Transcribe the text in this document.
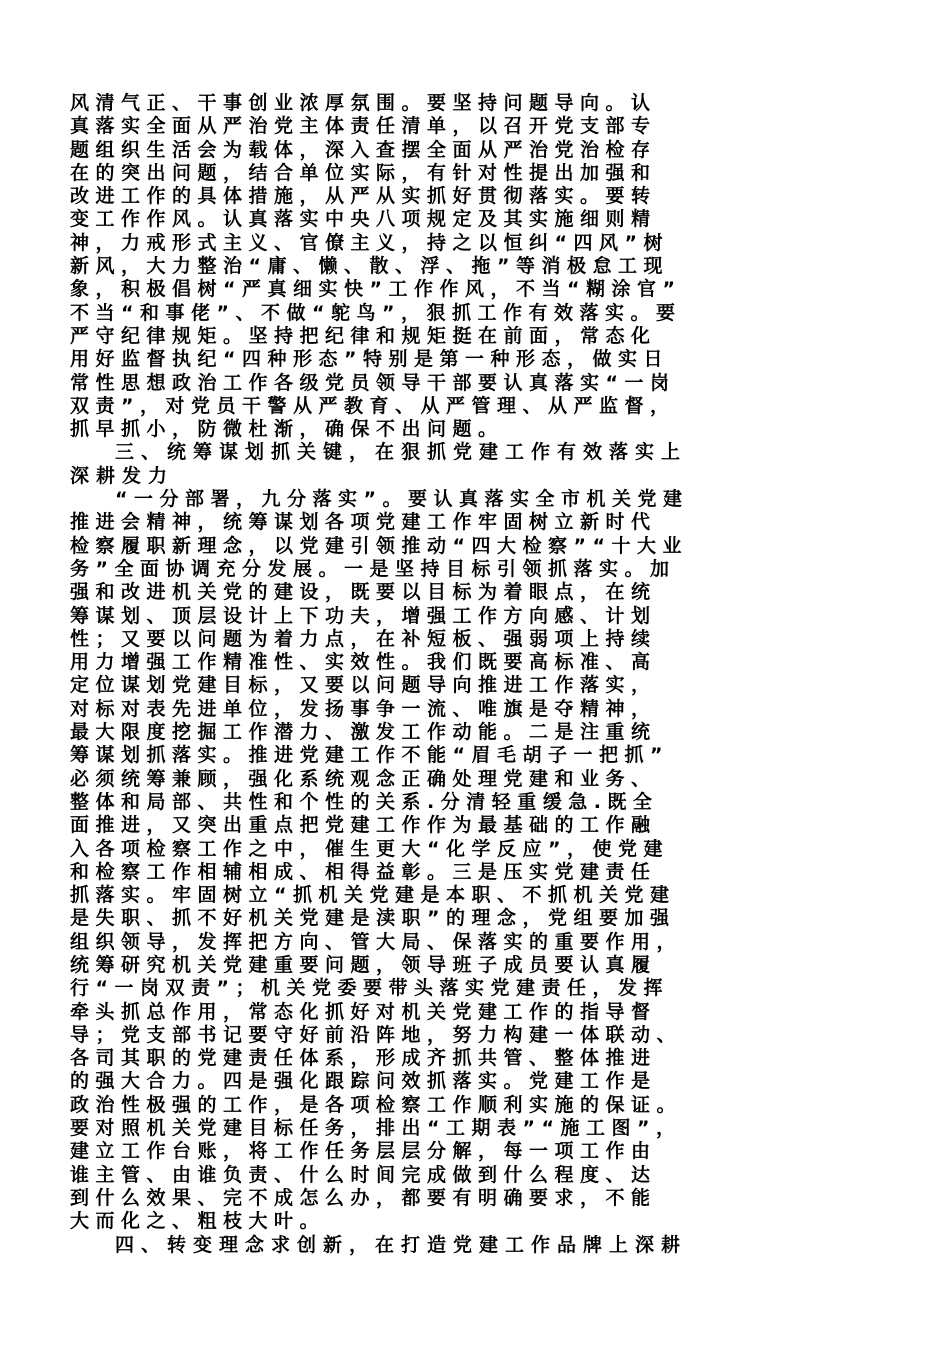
风清气正、干事创业浓厚氛围。要坚持问题导向。认
真落实全面从严治党主体责任清单，以召开党支部专
题组织生活会为载体，深入查摆全面从严治党治检存
在的突出问题，结合单位实际，有针对性提出加强和
改进工作的具体措施，从严从实抓好贯彻落实。要转
变工作作风。认真落实中央八项规定及其实施细则精
神，力戒形式主义、官僚主义，持之以恒纠“四风”树
新风，大力整治“庸、懒、散、浮、拖”等消极怠工现
象，积极倡树“严真细实快”工作作风，不当“糊涂官”
不当“和事佬”、不做“鸵鸟”，狠抓工作有效落实。要
严守纪律规矩。坚持把纪律和规矩挺在前面，常态化
用好监督执纪“四种形态”特别是第一种形态，做实日
常性思想政治工作各级党员领导干部要认真落实“一岗
双责”，对党员干警从严教育、从严管理、从严监督，
抓早抓小，防微杜渐，确保不出问题。
三、统筹谋划抓关键，在狠抓党建工作有效落实上
深耕发力
“一分部署，九分落实”。要认真落实全市机关党建
推进会精神，统筹谋划各项党建工作牢固树立新时代
检察履职新理念，以党建引领推动“四大检察”“十大业
务”全面协调充分发展。一是坚持目标引领抓落实。加
强和改进机关党的建设，既要以目标为着眼点，在统
筹谋划、顶层设计上下功夫，增强工作方向感、计划
性；又要以问题为着力点，在补短板、强弱项上持续
用力增强工作精准性、实效性。我们既要高标准、高
定位谋划党建目标，又要以问题导向推进工作落实，
对标对表先进单位，发扬事争一流、唯旗是夺精神，
最大限度挖掘工作潜力、激发工作动能。二是注重统
筹谋划抓落实。推进党建工作不能“眉毛胡子一把抓”
必须统筹兼顾，强化系统观念正确处理党建和业务、
整体和局部、共性和个性的关系.分清轻重缓急.既全
面推进，又突出重点把党建工作作为最基础的工作融
入各项检察工作之中，催生更大“化学反应”，使党建
和检察工作相辅相成、相得益彰。三是压实党建责任
抓落实。牢固树立“抓机关党建是本职、不抓机关党建
是失职、抓不好机关党建是渎职”的理念，党组要加强
组织领导，发挥把方向、管大局、保落实的重要作用，
统筹研究机关党建重要问题，领导班子成员要认真履
行“一岗双责”；机关党委要带头落实党建责任，发挥
牵头抓总作用，常态化抓好对机关党建工作的指导督
导；党支部书记要守好前沿阵地，努力构建一体联动、
各司其职的党建责任体系，形成齐抓共管、整体推进
的强大合力。四是强化跟踪问效抓落实。党建工作是
政治性极强的工作，是各项检察工作顺利实施的保证。
要对照机关党建目标任务，排出“工期表”“施工图”，
建立工作台账，将工作任务层层分解，每一项工作由
谁主管、由谁负责、什么时间完成做到什么程度、达
到什么效果、完不成怎么办，都要有明确要求，不能
大而化之、粗枝大叶。
四、转变理念求创新，在打造党建工作品牌上深耕
